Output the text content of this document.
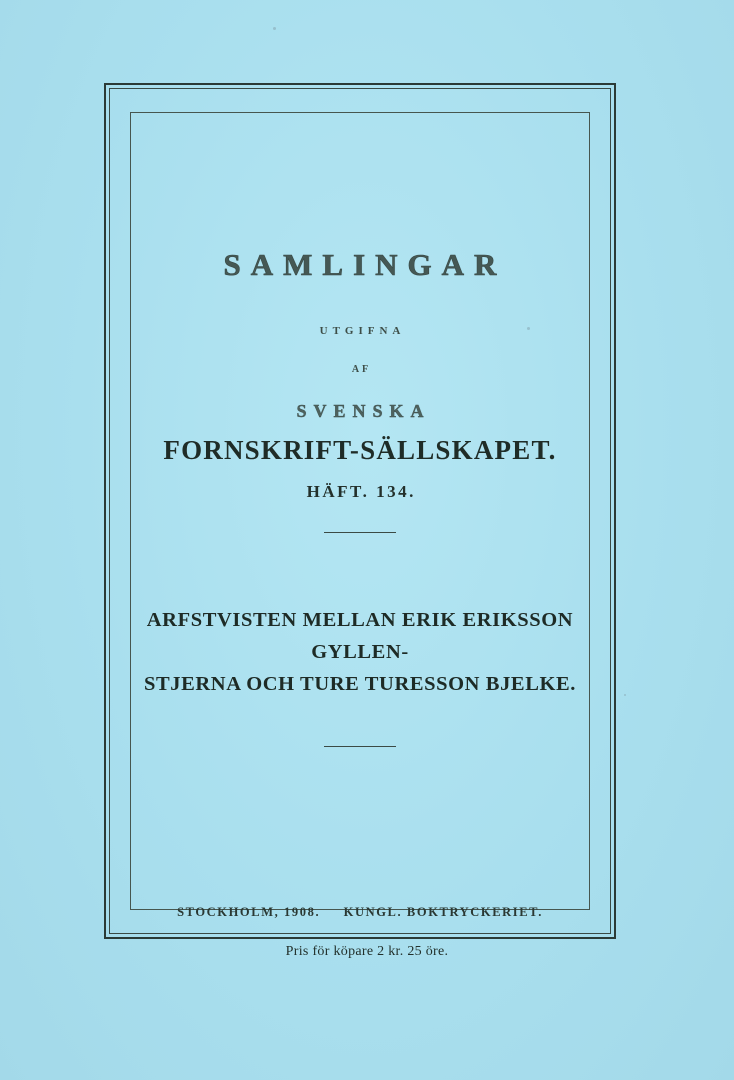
SAMLINGAR
UTGIFNA
AF
SVENSKA
FORNSKRIFT-SÄLLSKAPET.
HÄFT. 134.
ARFSTVISTEN MELLAN ERIK ERIKSSON GYLLEN-
STJERNA OCH TURE TURESSON BJELKE.
STOCKHOLM, 1908. KUNGL. BOKTRYCKERIET.
Pris för köpare 2 kr. 25 öre.
